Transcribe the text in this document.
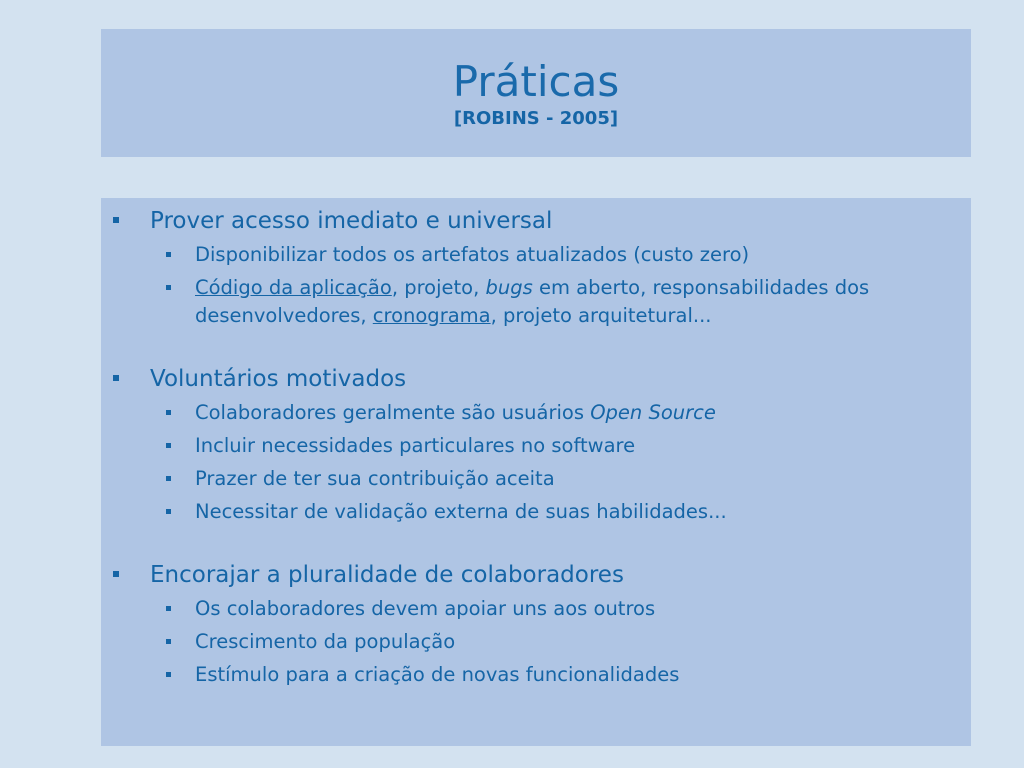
Práticas

[ROBINS - 2005]

Prover acesso imediato e universal
Disponibilizar todos os artefatos atualizados (custo zero)
Código da aplicação, projeto, bugs em aberto, responsabilidades dos desenvolvedores, cronograma, projeto arquitetural...
Voluntários motivados
Colaboradores geralmente são usuários Open Source
Incluir necessidades particulares no software
Prazer de ter sua contribuição aceita
Necessitar de validação externa de suas habilidades...
Encorajar a pluralidade de colaboradores
Os colaboradores devem apoiar uns aos outros
Crescimento da população
Estímulo para a criação de novas funcionalidades
